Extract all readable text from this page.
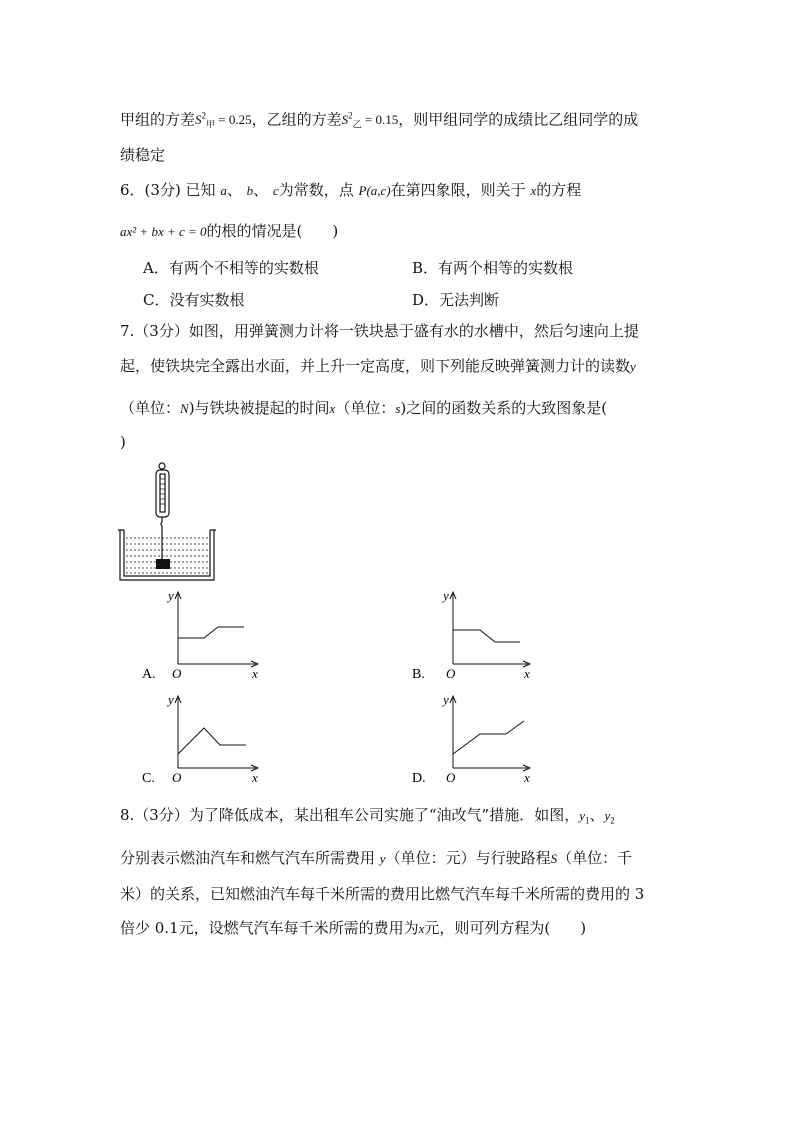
甲组的方差$S^2_甲 = 0.25$，乙组的方差$S^2_乙 = 0.15$，则甲组同学的成绩比乙组同学的成
绩稳定
6．(3分) 已知 a、 b、 c为常数，点 P(a,c)在第四象限，则关于 x的方程
ax² + bx + c = 0的根的情况是(　　)
A．有两个不相等的实数根	B．有两个相等的实数根
C．没有实数根	D．无法判断
7.（3分）如图，用弹簧测力计将一铁块悬于盛有水的水槽中，然后匀速向上提
起，使铁块完全露出水面，并上升一定高度，则下列能反映弹簧测力计的读数y
（单位：N)与铁块被提起的时间x（单位：s)之间的函数关系的大致图象是(
)
y
O	x
A.
y
O	x
B.
y
O	x
C.
y
O	x
D.
8.（3分）为了降低成本，某出租车公司实施了“油改气”措施．如图，$y_1$、$y_2$
分别表示燃油汽车和燃气汽车所需费用 y（单位：元）与行驶路程S（单位：千
米）的关系，已知燃油汽车每千米所需的费用比燃气汽车每千米所需的费用的 3
倍少 0.1元，设燃气汽车每千米所需的费用为x元，则可列方程为(　　)
